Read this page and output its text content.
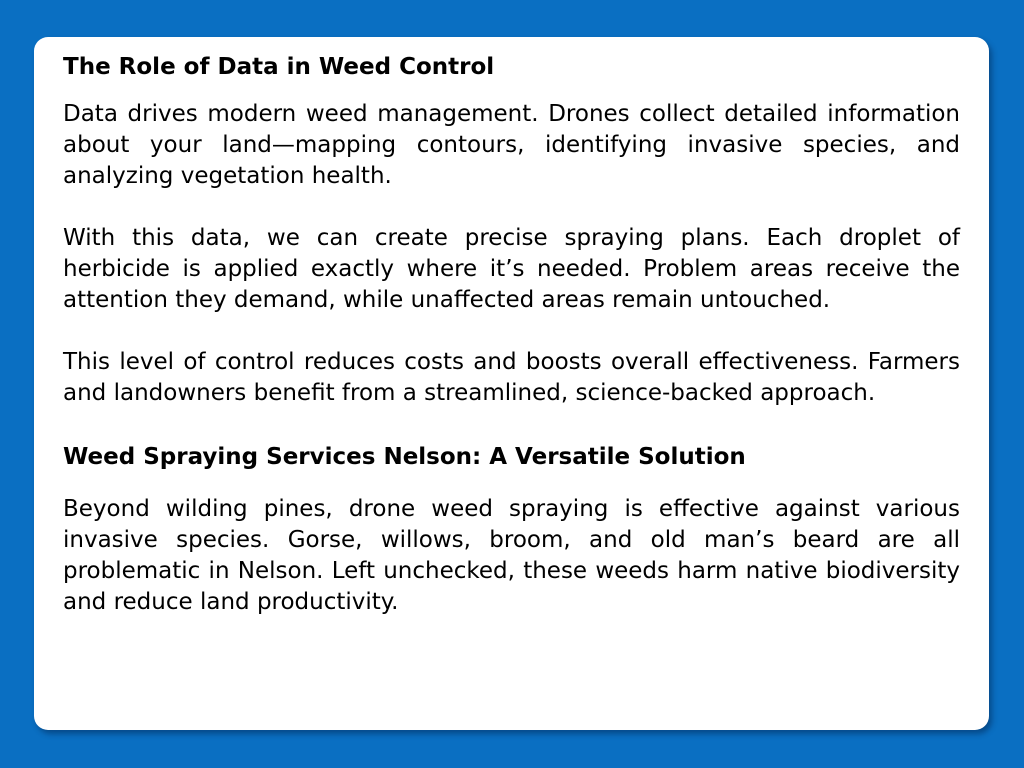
The Role of Data in Weed Control

Data drives modern weed management. Drones collect detailed information about your land—mapping contours, identifying invasive species, and analyzing vegetation health.

With this data, we can create precise spraying plans. Each droplet of herbicide is applied exactly where it’s needed. Problem areas receive the attention they demand, while unaffected areas remain untouched.

This level of control reduces costs and boosts overall effectiveness. Farmers and landowners benefit from a streamlined, science-backed approach.

Weed Spraying Services Nelson: A Versatile Solution

Beyond wilding pines, drone weed spraying is effective against various invasive species. Gorse, willows, broom, and old man’s beard are all problematic in Nelson. Left unchecked, these weeds harm native biodiversity and reduce land productivity.
